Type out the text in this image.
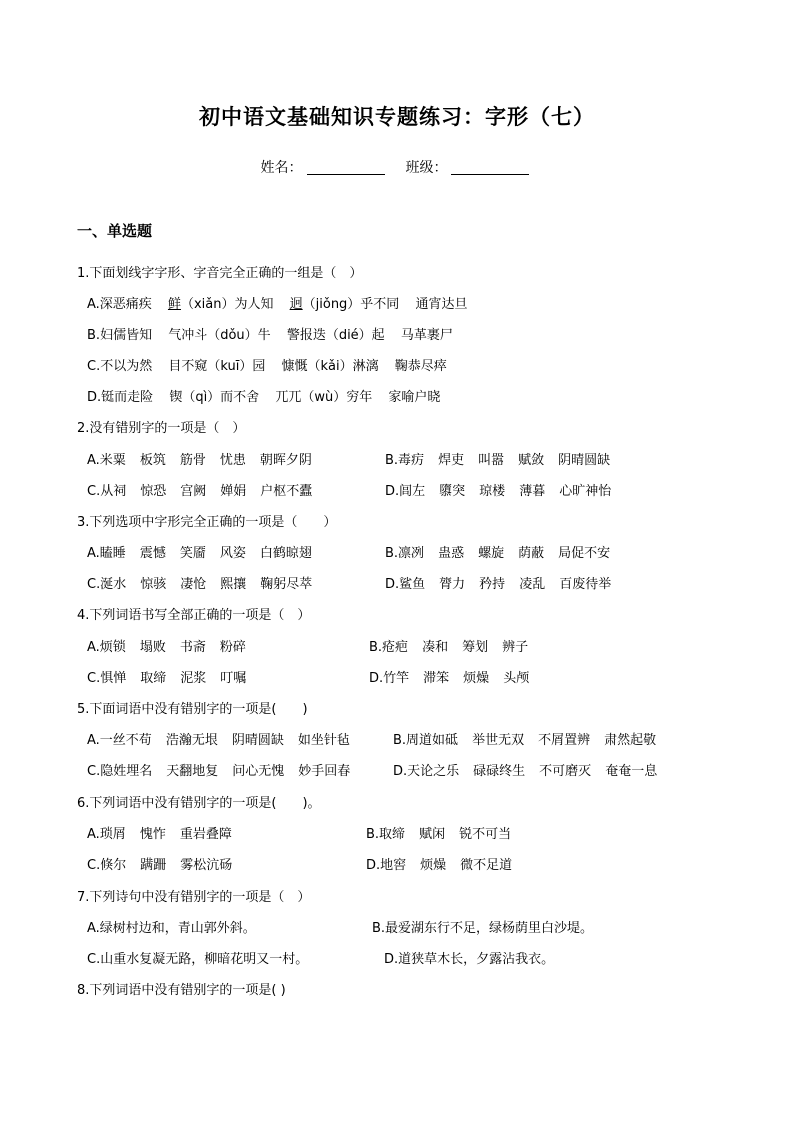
初中语文基础知识专题练习：字形（七）
姓名：	班级：
一、单选题
1.下面划线字字形、字音完全正确的一组是（　）
A.深恶痛疾 鲜（xiǎn）为人知 迥（jiǒng）乎不同 通宵达旦
B.妇儒皆知 气冲斗（dǒu）牛 警报迭（dié）起 马革裹尸
C.不以为然 目不窥（kuī）园 慷慨（kǎi）淋漓 鞠恭尽瘁
D.铤而走险 锲（qì）而不舍 兀兀（wù）穷年 家喻户晓
2.没有错别字的一项是（　）
A.米粟 板筑 筋骨 忧患 朝晖夕阴	B.毒疠 焊吏 叫嚣 赋敛 阴晴圆缺
C.从祠 惊恐 宫阙 婵娟 户枢不蠹	D.闾左 隳突 琼楼 薄暮 心旷神怡
3.下列选项中字形完全正确的一项是（　　）
A.瞌睡 震憾 笑靥 风姿 白鹤晾翅	B.凛冽 蛊惑 螺旋 荫蔽 局促不安
C.涎水 惊骇 凄怆 熙攘 鞠躬尽萃	D.鲨鱼 膂力 矜持 凌乱 百废待举
4.下列词语书写全部正确的一项是（　）
A.烦锁 塌败 书斋 粉碎	B.疮疤 凑和 筹划 辨子
C.惧惮 取缔 泥浆 叮嘱	D.竹竿 滞笨 烦燥 头颅
5.下面词语中没有错别字的一项是(　　)
A.一丝不苟 浩瀚无垠 阴晴圆缺 如坐针毡	B.周道如砥 举世无双 不屑置辨 肃然起敬
C.隐姓埋名 天翻地复 问心无愧 妙手回春	D.天论之乐 碌碌终生 不可磨灭 奄奄一息
6.下列词语中没有错别字的一项是(　　)。
A.琐屑 愧怍 重岩叠障	B.取缔 赋闲 锐不可当
C.倏尔 蹒跚 雾松沆砀	D.地窖 烦燥 微不足道
7.下列诗句中没有错别字的一项是（　）
A.绿树村边和，青山郭外斜。	B.最爱湖东行不足，绿杨荫里白沙堤。
C.山重水复凝无路，柳暗花明又一村。	D.道狭草木长，夕露沾我衣。
8.下列词语中没有错别字的一项是( )
